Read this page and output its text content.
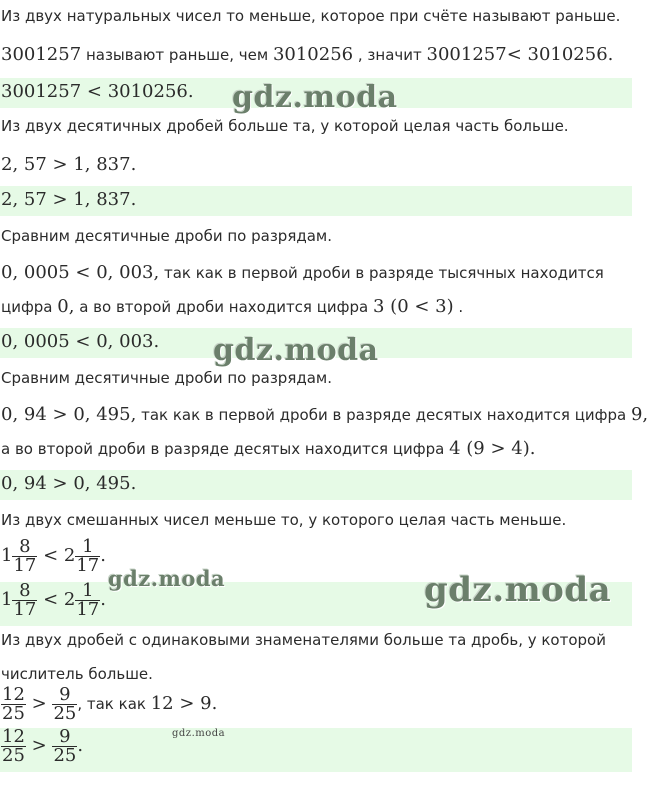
Из двух натуральных чисел то меньше, которое при счёте называют раньше.
3001257 называют раньше, чем 3010256 , значит 3001257< 3010256.
3001257 < 3010256.
Из двух десятичных дробей больше та, у которой целая часть больше.
2, 57 > 1, 837.
2, 57 > 1, 837.
Сравним десятичные дроби по разрядам.
0, 0005 < 0, 003, так как в первой дроби в разряде тысячных находится
цифра 0, а во второй дроби находится цифра 3 (0 < 3) .
0, 0005 < 0, 003.
Сравним десятичные дроби по разрядам.
0, 94 > 0, 495, так как в первой дроби в разряде десятых находится цифра 9,
а во второй дроби в разряде десятых находится цифра 4 (9 > 4).
0, 94 > 0, 495.
Из двух смешанных чисел меньше то, у которого целая часть меньше.
$1 \frac{8}{17} < 2 \frac{1}{17}$ .
$1 \frac{8}{17} < 2 \frac{1}{17}$ .
Из двух дробей с одинаковыми знаменателями больше та дробь, у которой
числитель больше.
$\frac{12}{25} > \frac{9}{25}$ , так как 12 > 9.
$\frac{12}{25} > \frac{9}{25}$ .
gdz.moda
gdz.moda
gdz.moda	gdz.moda
gdz.moda
